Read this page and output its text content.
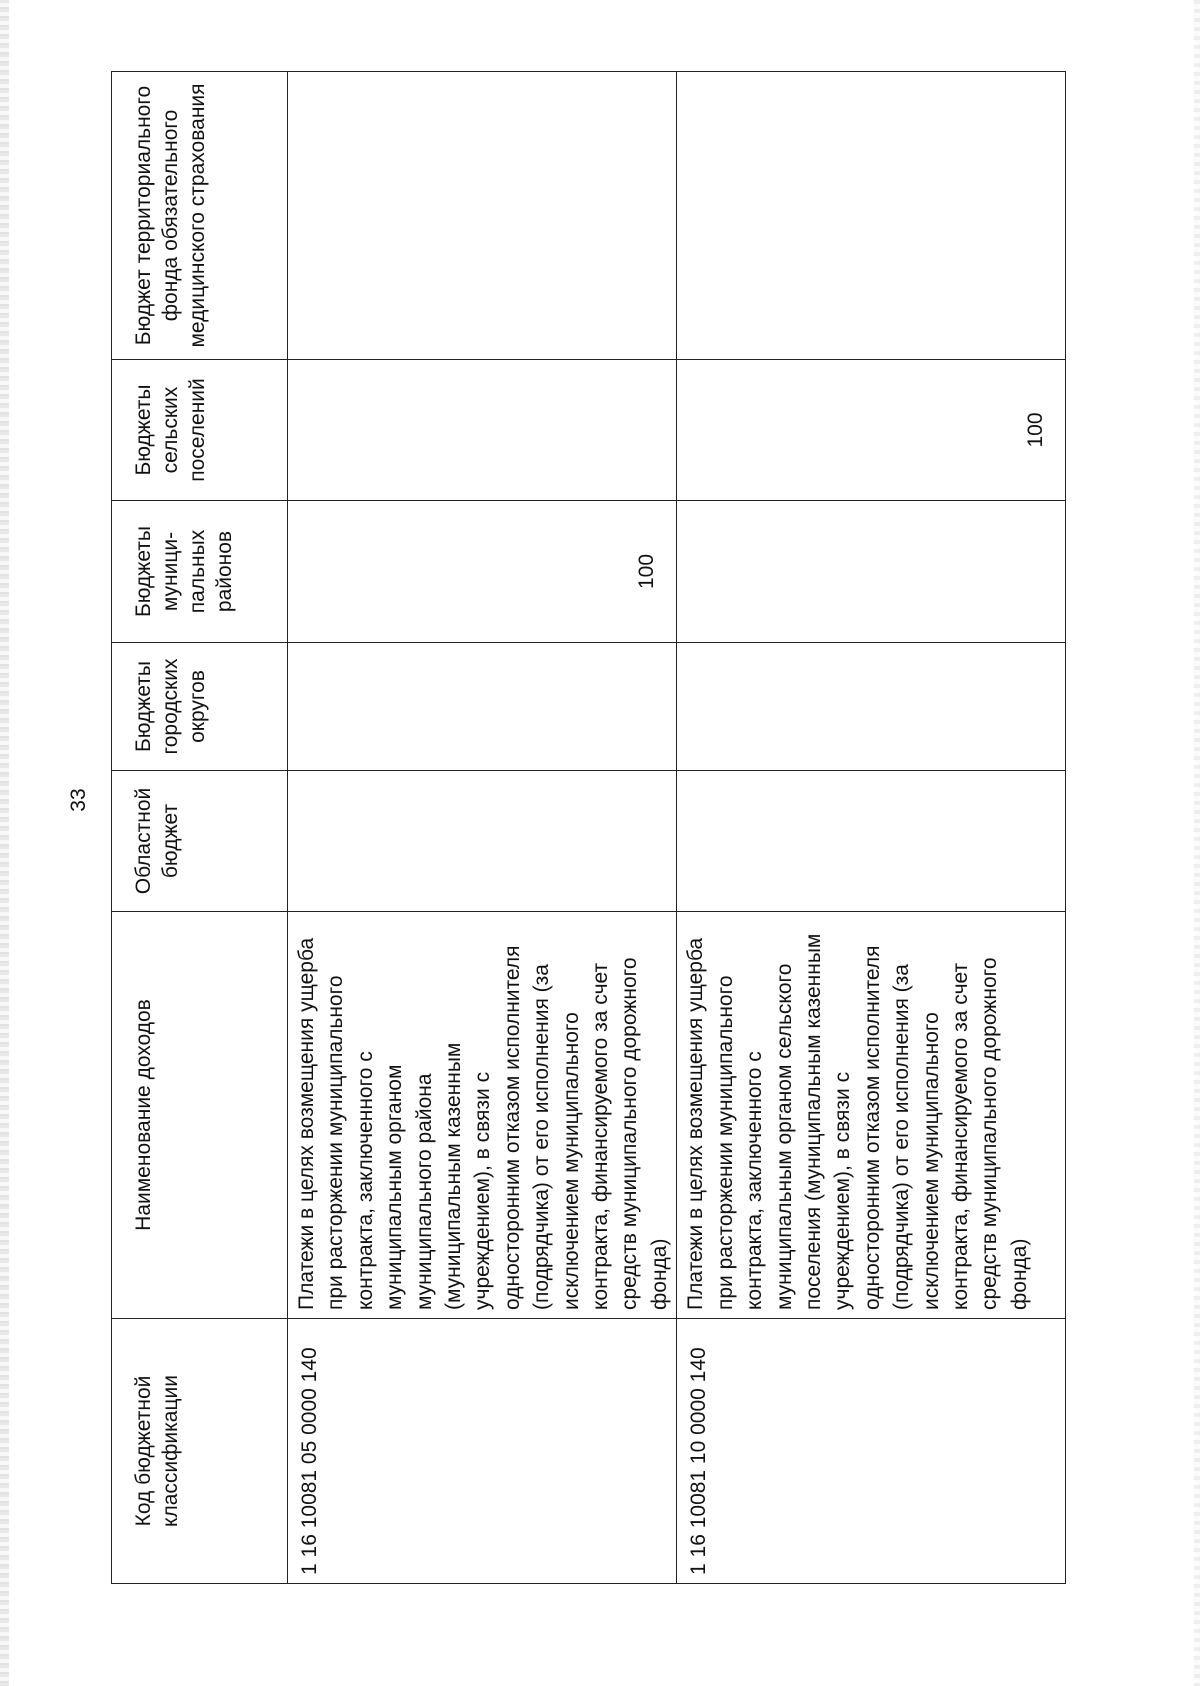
33
Код бюджетной классификации	Наименование доходов	Областной бюджет	Бюджеты городских округов	Бюджеты муници-пальных районов	Бюджеты сельских поселений	Бюджет территориального фонда обязательного медицинского страхования
1 16 10081 05 0000 140	Платежи в целях возмещения ущерба при расторжении муниципального контракта, заключенного с муниципальным органом муниципального района (муниципальным казенным учреждением), в связи с односторонним отказом исполнителя (подрядчика) от его исполнения (за исключением муниципального контракта, финансируемого за счет средств муниципального дорожного фонда)			100		
1 16 10081 10 0000 140	Платежи в целях возмещения ущерба при расторжении муниципального контракта, заключенного с муниципальным органом сельского поселения (муниципальным казенным учреждением), в связи с односторонним отказом исполнителя (подрядчика) от его исполнения (за исключением муниципального контракта, финансируемого за счет средств муниципального дорожного фонда)				100	
